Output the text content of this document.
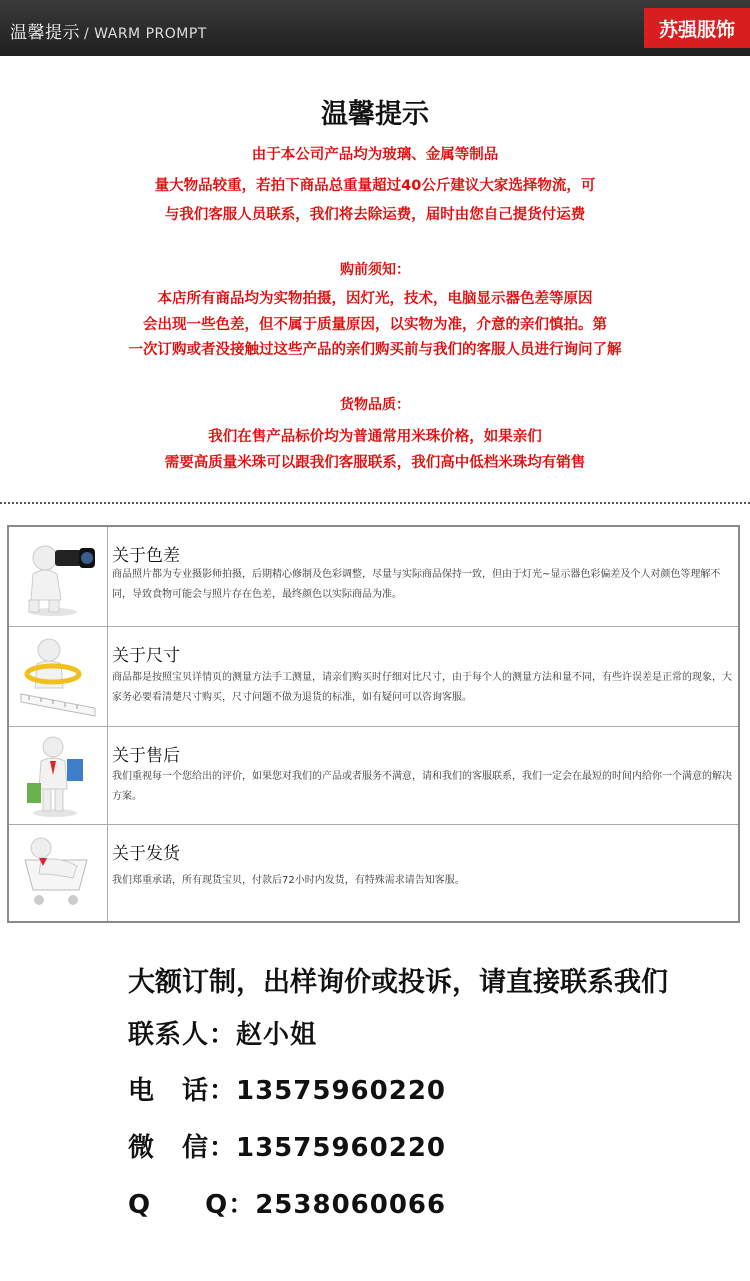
温馨提示 / WARM PROMPT	苏强服饰
温馨提示
由于本公司产品均为玻璃、金属等制品
量大物品较重，若拍下商品总重量超过40公斤建议大家选择物流，可
与我们客服人员联系，我们将去除运费，届时由您自己提货付运费
购前须知：
本店所有商品均为实物拍摄，因灯光，技术，电脑显示器色差等原因
会出现一些色差，但不属于质量原因，以实物为准，介意的亲们慎拍。第
一次订购或者没接触过这些产品的亲们购买前与我们的客服人员进行询问了解
货物品质：
我们在售产品标价均为普通常用米珠价格，如果亲们
需要高质量米珠可以跟我们客服联系，我们高中低档米珠均有销售
关于色差
商品照片都为专业摄影师拍摄，后期精心修制及色彩调整，尽量与实际商品保持一致，但由于灯光~显示器色彩偏差及个人对颜色等理解不同，导致食物可能会与照片存在色差，最终颜色以实际商品为准。
关于尺寸
商品都是按照宝贝详情页的测量方法手工测量，请亲们购买时仔细对比尺寸，由于每个人的测量方法和量不同，有些许误差是正常的现象，大家务必要看清楚尺寸购买，尺寸问题不做为退货的标准，如有疑问可以咨询客服。
关于售后
我们重视每一个您给出的评价，如果您对我们的产品或者服务不满意，请和我们的客服联系，我们一定会在最短的时间内给你一个满意的解决方案。
关于发货
我们郑重承诺，所有现货宝贝，付款后72小时内发货，有特殊需求请告知客服。
大额订制，出样询价或投诉，请直接联系我们
联系人：赵小姐
电　话：13575960220
微　信：13575960220
Q　　Q：2538060066
